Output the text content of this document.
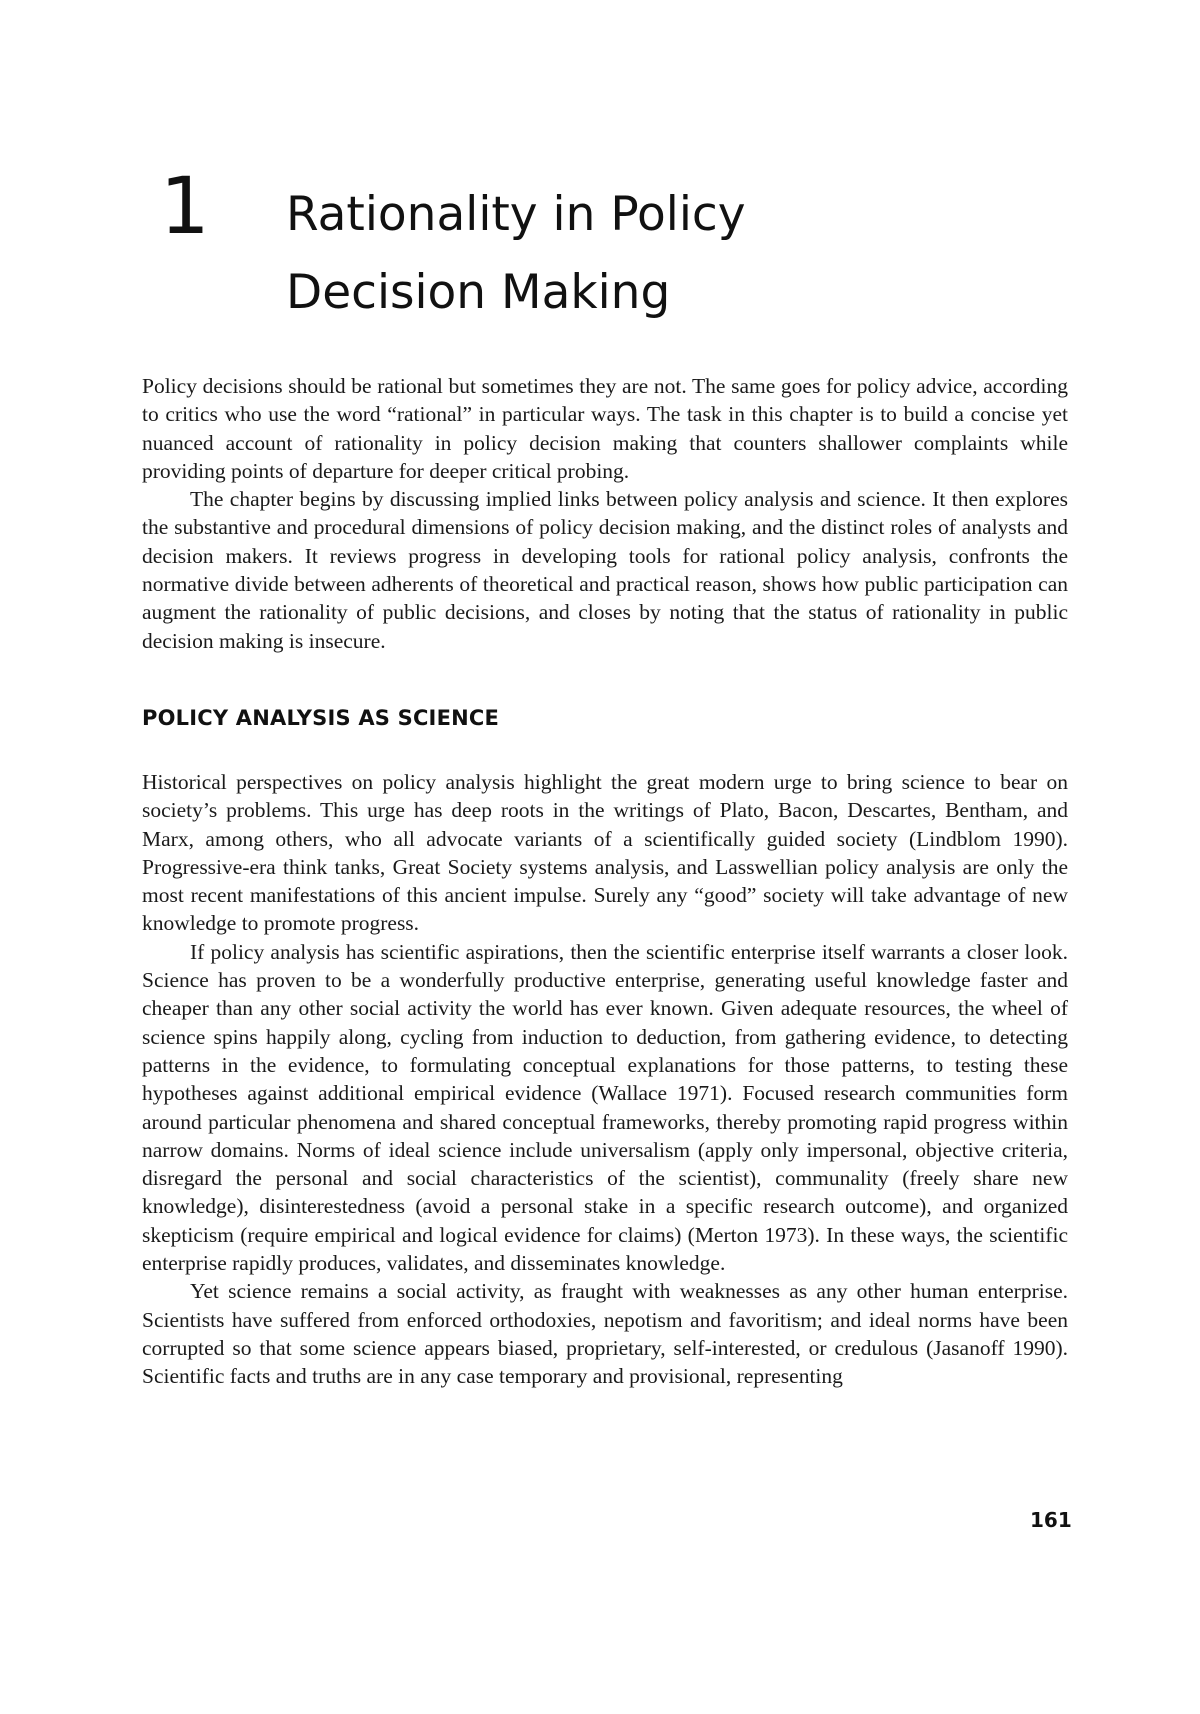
1 Rationality in Policy
Decision Making

Policy decisions should be rational but sometimes they are not. The same goes for policy advice, according to critics who use the word “rational” in particular ways. The task in this chapter is to build a concise yet nuanced account of rationality in policy decision making that counters shallower complaints while providing points of departure for deeper critical probing.

The chapter begins by discussing implied links between policy analysis and science. It then explores the substantive and procedural dimensions of policy decision making, and the distinct roles of analysts and decision makers. It reviews progress in developing tools for rational policy analysis, confronts the normative divide between adherents of theoretical and practical reason, shows how public participation can augment the rationality of public decisions, and closes by noting that the status of rationality in public decision making is insecure.

POLICY ANALYSIS AS SCIENCE

Historical perspectives on policy analysis highlight the great modern urge to bring science to bear on society’s problems. This urge has deep roots in the writings of Plato, Bacon, Descartes, Bentham, and Marx, among others, who all advocate variants of a scientifically guided society (Lindblom 1990). Progressive-era think tanks, Great Society systems analysis, and Lasswellian policy analysis are only the most recent manifestations of this ancient impulse. Surely any “good” society will take advantage of new knowledge to promote progress.

If policy analysis has scientific aspirations, then the scientific enterprise itself warrants a closer look. Science has proven to be a wonderfully productive enterprise, generating useful knowledge faster and cheaper than any other social activity the world has ever known. Given adequate resources, the wheel of science spins happily along, cycling from induction to deduction, from gathering evidence, to detecting patterns in the evidence, to formulating conceptual explanations for those patterns, to testing these hypotheses against additional empirical evidence (Wallace 1971). Focused research communities form around particular phenomena and shared conceptual frameworks, thereby promoting rapid progress within narrow domains. Norms of ideal science include universalism (apply only impersonal, objective criteria, disregard the personal and social characteristics of the scientist), communality (freely share new knowledge), disinterestedness (avoid a personal stake in a specific research outcome), and organized skepticism (require empirical and logical evidence for claims) (Merton 1973). In these ways, the scientific enterprise rapidly produces, validates, and disseminates knowledge.

Yet science remains a social activity, as fraught with weaknesses as any other human enterprise. Scientists have suffered from enforced orthodoxies, nepotism and favoritism; and ideal norms have been corrupted so that some science appears biased, proprietary, self-interested, or credulous (Jasanoff 1990). Scientific facts and truths are in any case temporary and provisional, representing

161
